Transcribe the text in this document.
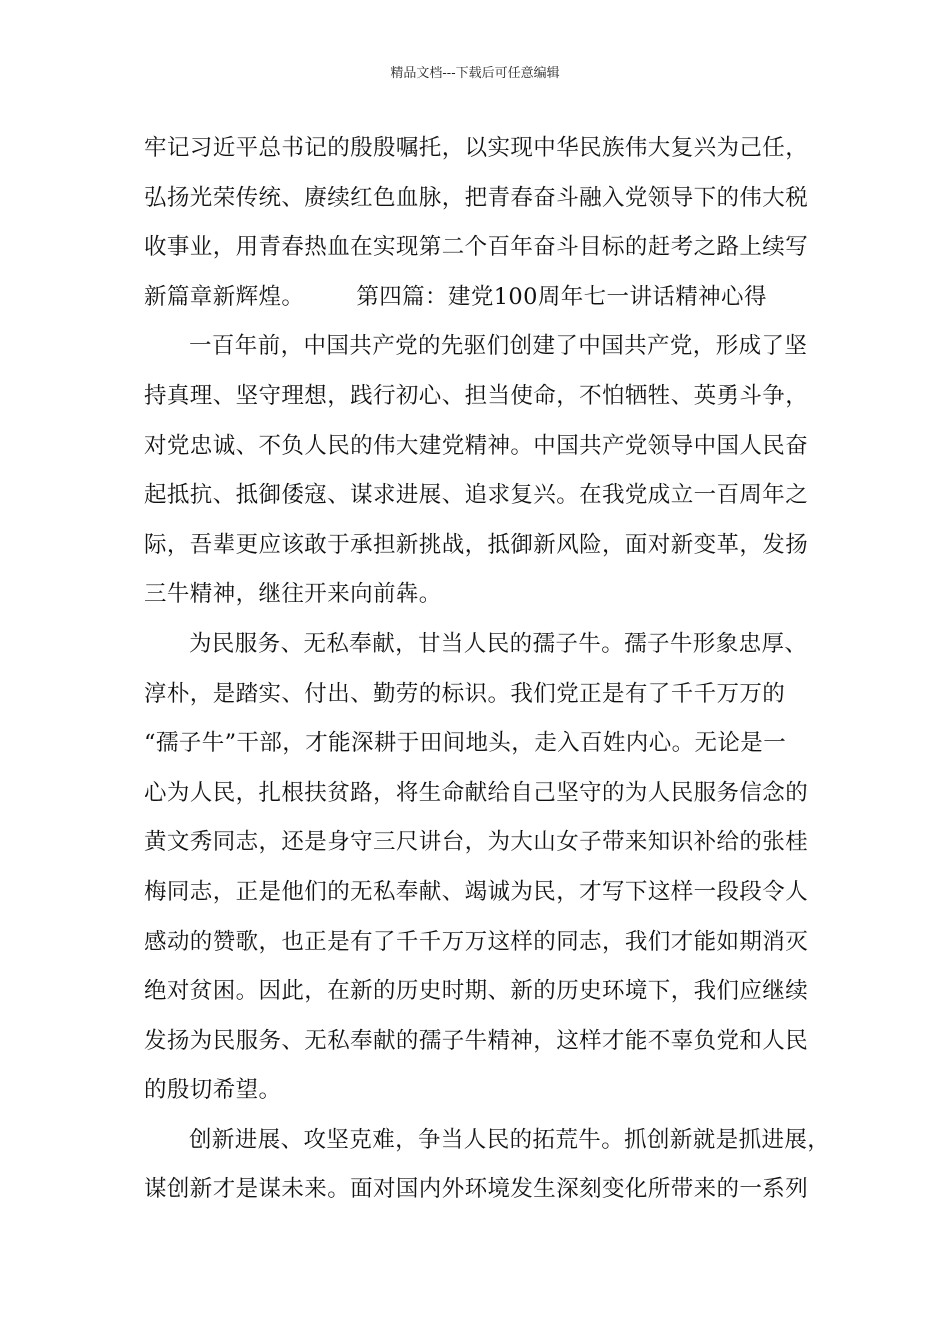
精品文档---下载后可任意编辑
牢记习近平总书记的殷殷嘱托，以实现中华民族伟大复兴为己任，
弘扬光荣传统、赓续红色血脉，把青春奋斗融入党领导下的伟大税
收事业，用青春热血在实现第二个百年奋斗目标的赶考之路上续写
新篇章新辉煌。 第四篇：建党100周年七一讲话精神心得
一百年前，中国共产党的先驱们创建了中国共产党，形成了坚
持真理、坚守理想，践行初心、担当使命，不怕牺牲、英勇斗争，
对党忠诚、不负人民的伟大建党精神。中国共产党领导中国人民奋
起抵抗、抵御倭寇、谋求进展、追求复兴。在我党成立一百周年之
际，吾辈更应该敢于承担新挑战，抵御新风险，面对新变革，发扬
三牛精神，继往开来向前犇。
为民服务、无私奉献，甘当人民的孺子牛。孺子牛形象忠厚、
淳朴，是踏实、付出、勤劳的标识。我们党正是有了千千万万的
“孺子牛”干部，才能深耕于田间地头，走入百姓内心。无论是一
心为人民，扎根扶贫路，将生命献给自己坚守的为人民服务信念的
黄文秀同志，还是身守三尺讲台，为大山女子带来知识补给的张桂
梅同志，正是他们的无私奉献、竭诚为民，才写下这样一段段令人
感动的赞歌，也正是有了千千万万这样的同志，我们才能如期消灭
绝对贫困。因此，在新的历史时期、新的历史环境下，我们应继续
发扬为民服务、无私奉献的孺子牛精神，这样才能不辜负党和人民
的殷切希望。
创新进展、攻坚克难，争当人民的拓荒牛。抓创新就是抓进展，
谋创新才是谋未来。面对国内外环境发生深刻变化所带来的一系列
